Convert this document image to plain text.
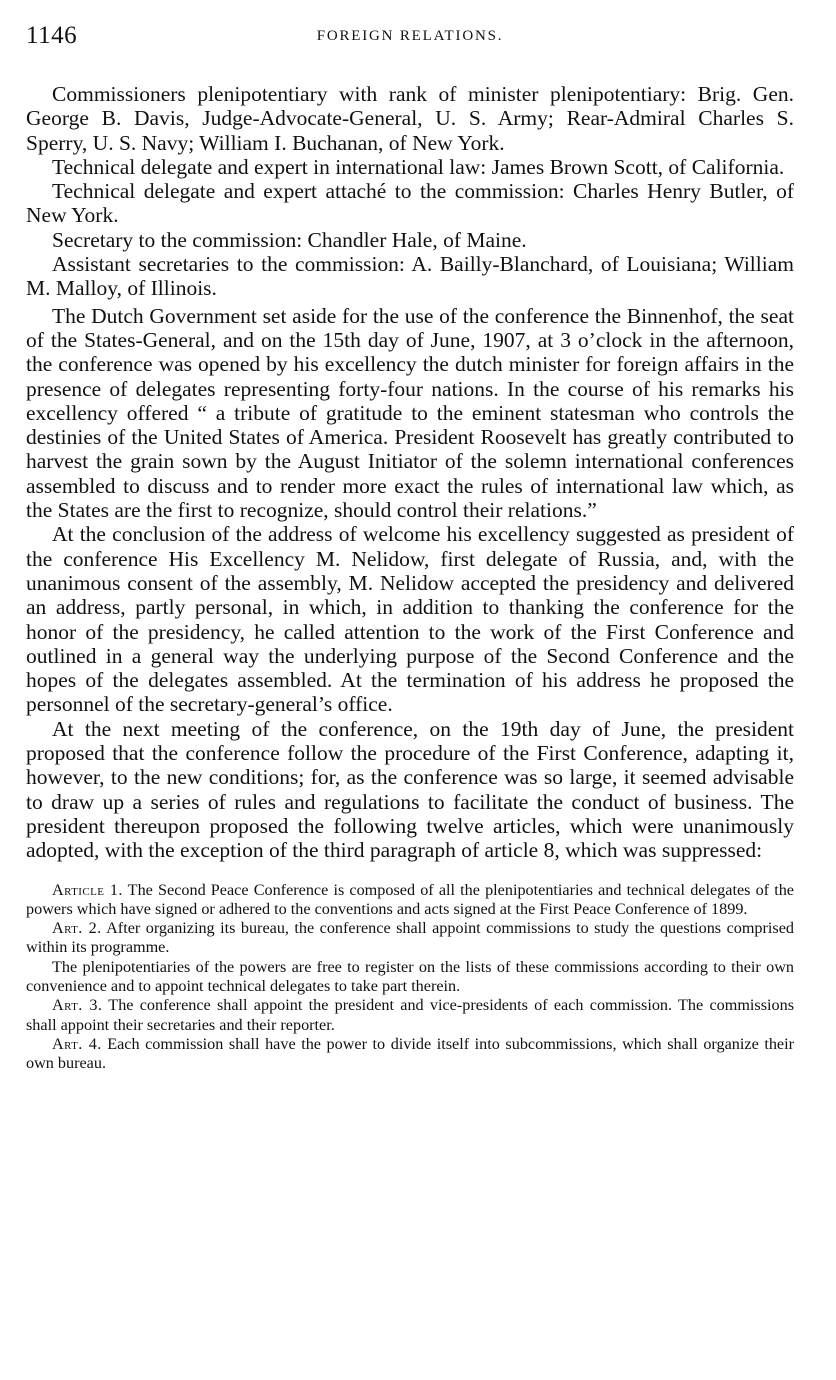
1146	FOREIGN RELATIONS.

Commissioners plenipotentiary with rank of minister plenipotentiary: Brig. Gen. George B. Davis, Judge-Advocate-General, U. S. Army; Rear-Admiral Charles S. Sperry, U. S. Navy; William I. Buchanan, of New York.

Technical delegate and expert in international law: James Brown Scott, of California.

Technical delegate and expert attaché to the commission: Charles Henry Butler, of New York.

Secretary to the commission: Chandler Hale, of Maine.

Assistant secretaries to the commission: A. Bailly-Blanchard, of Louisiana; William M. Malloy, of Illinois.

The Dutch Government set aside for the use of the conference the Binnenhof, the seat of the States-General, and on the 15th day of June, 1907, at 3 o’clock in the afternoon, the conference was opened by his excellency the dutch minister for foreign affairs in the presence of delegates representing forty-four nations. In the course of his remarks his excellency offered “ a tribute of gratitude to the eminent statesman who controls the destinies of the United States of America. President Roosevelt has greatly contributed to harvest the grain sown by the August Initiator of the solemn international conferences assembled to discuss and to render more exact the rules of international law which, as the States are the first to recognize, should control their relations.”

At the conclusion of the address of welcome his excellency suggested as president of the conference His Excellency M. Nelidow, first delegate of Russia, and, with the unanimous consent of the assembly, M. Nelidow accepted the presidency and delivered an address, partly personal, in which, in addition to thanking the conference for the honor of the presidency, he called attention to the work of the First Conference and outlined in a general way the underlying purpose of the Second Conference and the hopes of the delegates assembled. At the termination of his address he proposed the personnel of the secretary-general’s office.

At the next meeting of the conference, on the 19th day of June, the president proposed that the conference follow the procedure of the First Conference, adapting it, however, to the new conditions; for, as the conference was so large, it seemed advisable to draw up a series of rules and regulations to facilitate the conduct of business. The president thereupon proposed the following twelve articles, which were unanimously adopted, with the exception of the third paragraph of article 8, which was suppressed:

Article 1. The Second Peace Conference is composed of all the plenipotentiaries and technical delegates of the powers which have signed or adhered to the conventions and acts signed at the First Peace Conference of 1899.

Art. 2. After organizing its bureau, the conference shall appoint commissions to study the questions comprised within its programme.

The plenipotentiaries of the powers are free to register on the lists of these commissions according to their own convenience and to appoint technical delegates to take part therein.

Art. 3. The conference shall appoint the president and vice-presidents of each commission. The commissions shall appoint their secretaries and their reporter.

Art. 4. Each commission shall have the power to divide itself into subcommissions, which shall organize their own bureau.
